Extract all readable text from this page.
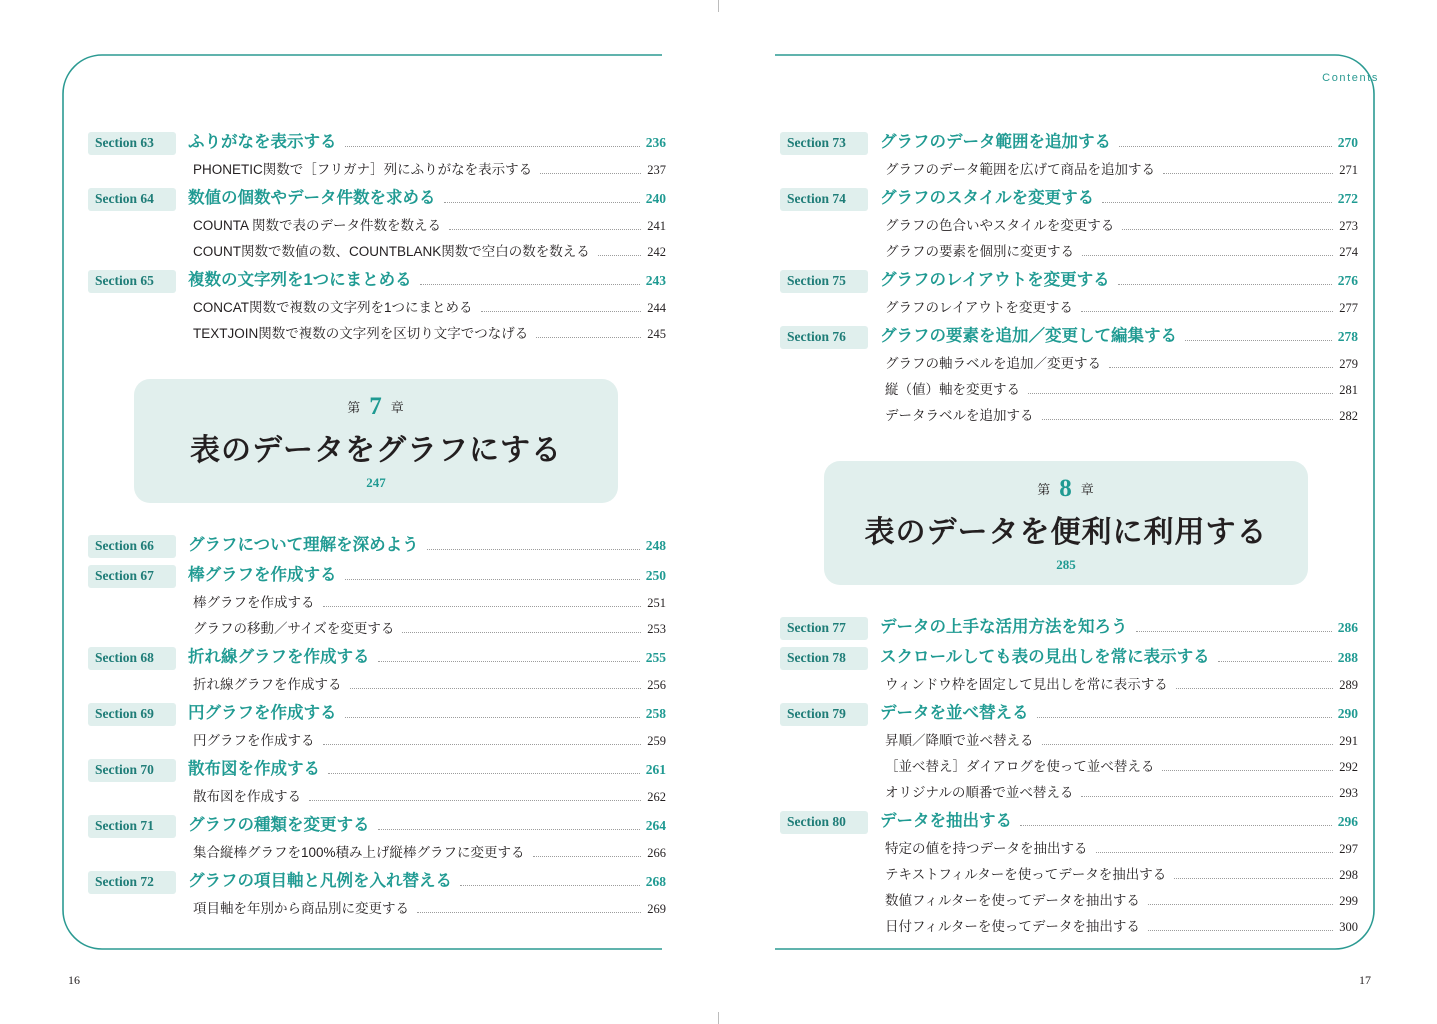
Contents
Section 63	ふりがなを表示する	236
PHONETIC関数で［フリガナ］列にふりがなを表示する	237
Section 64	数値の個数やデータ件数を求める	240
COUNTA 関数で表のデータ件数を数える	241
COUNT関数で数値の数、COUNTBLANK関数で空白の数を数える	242
Section 65	複数の文字列を1つにまとめる	243
CONCAT関数で複数の文字列を1つにまとめる	244
TEXTJOIN関数で複数の文字列を区切り文字でつなげる	245
第 7 章
表のデータをグラフにする
247
Section 66	グラフについて理解を深めよう	248
Section 67	棒グラフを作成する	250
棒グラフを作成する	251
グラフの移動／サイズを変更する	253
Section 68	折れ線グラフを作成する	255
折れ線グラフを作成する	256
Section 69	円グラフを作成する	258
円グラフを作成する	259
Section 70	散布図を作成する	261
散布図を作成する	262
Section 71	グラフの種類を変更する	264
集合縦棒グラフを100%積み上げ縦棒グラフに変更する	266
Section 72	グラフの項目軸と凡例を入れ替える	268
項目軸を年別から商品別に変更する	269
Section 73	グラフのデータ範囲を追加する	270
グラフのデータ範囲を広げて商品を追加する	271
Section 74	グラフのスタイルを変更する	272
グラフの色合いやスタイルを変更する	273
グラフの要素を個別に変更する	274
Section 75	グラフのレイアウトを変更する	276
グラフのレイアウトを変更する	277
Section 76	グラフの要素を追加／変更して編集する	278
グラフの軸ラベルを追加／変更する	279
縦（値）軸を変更する	281
データラベルを追加する	282
第 8 章
表のデータを便利に利用する
285
Section 77	データの上手な活用方法を知ろう	286
Section 78	スクロールしても表の見出しを常に表示する	288
ウィンドウ枠を固定して見出しを常に表示する	289
Section 79	データを並べ替える	290
昇順／降順で並べ替える	291
［並べ替え］ダイアログを使って並べ替える	292
オリジナルの順番で並べ替える	293
Section 80	データを抽出する	296
特定の値を持つデータを抽出する	297
テキストフィルターを使ってデータを抽出する	298
数値フィルターを使ってデータを抽出する	299
日付フィルターを使ってデータを抽出する	300
16	17
